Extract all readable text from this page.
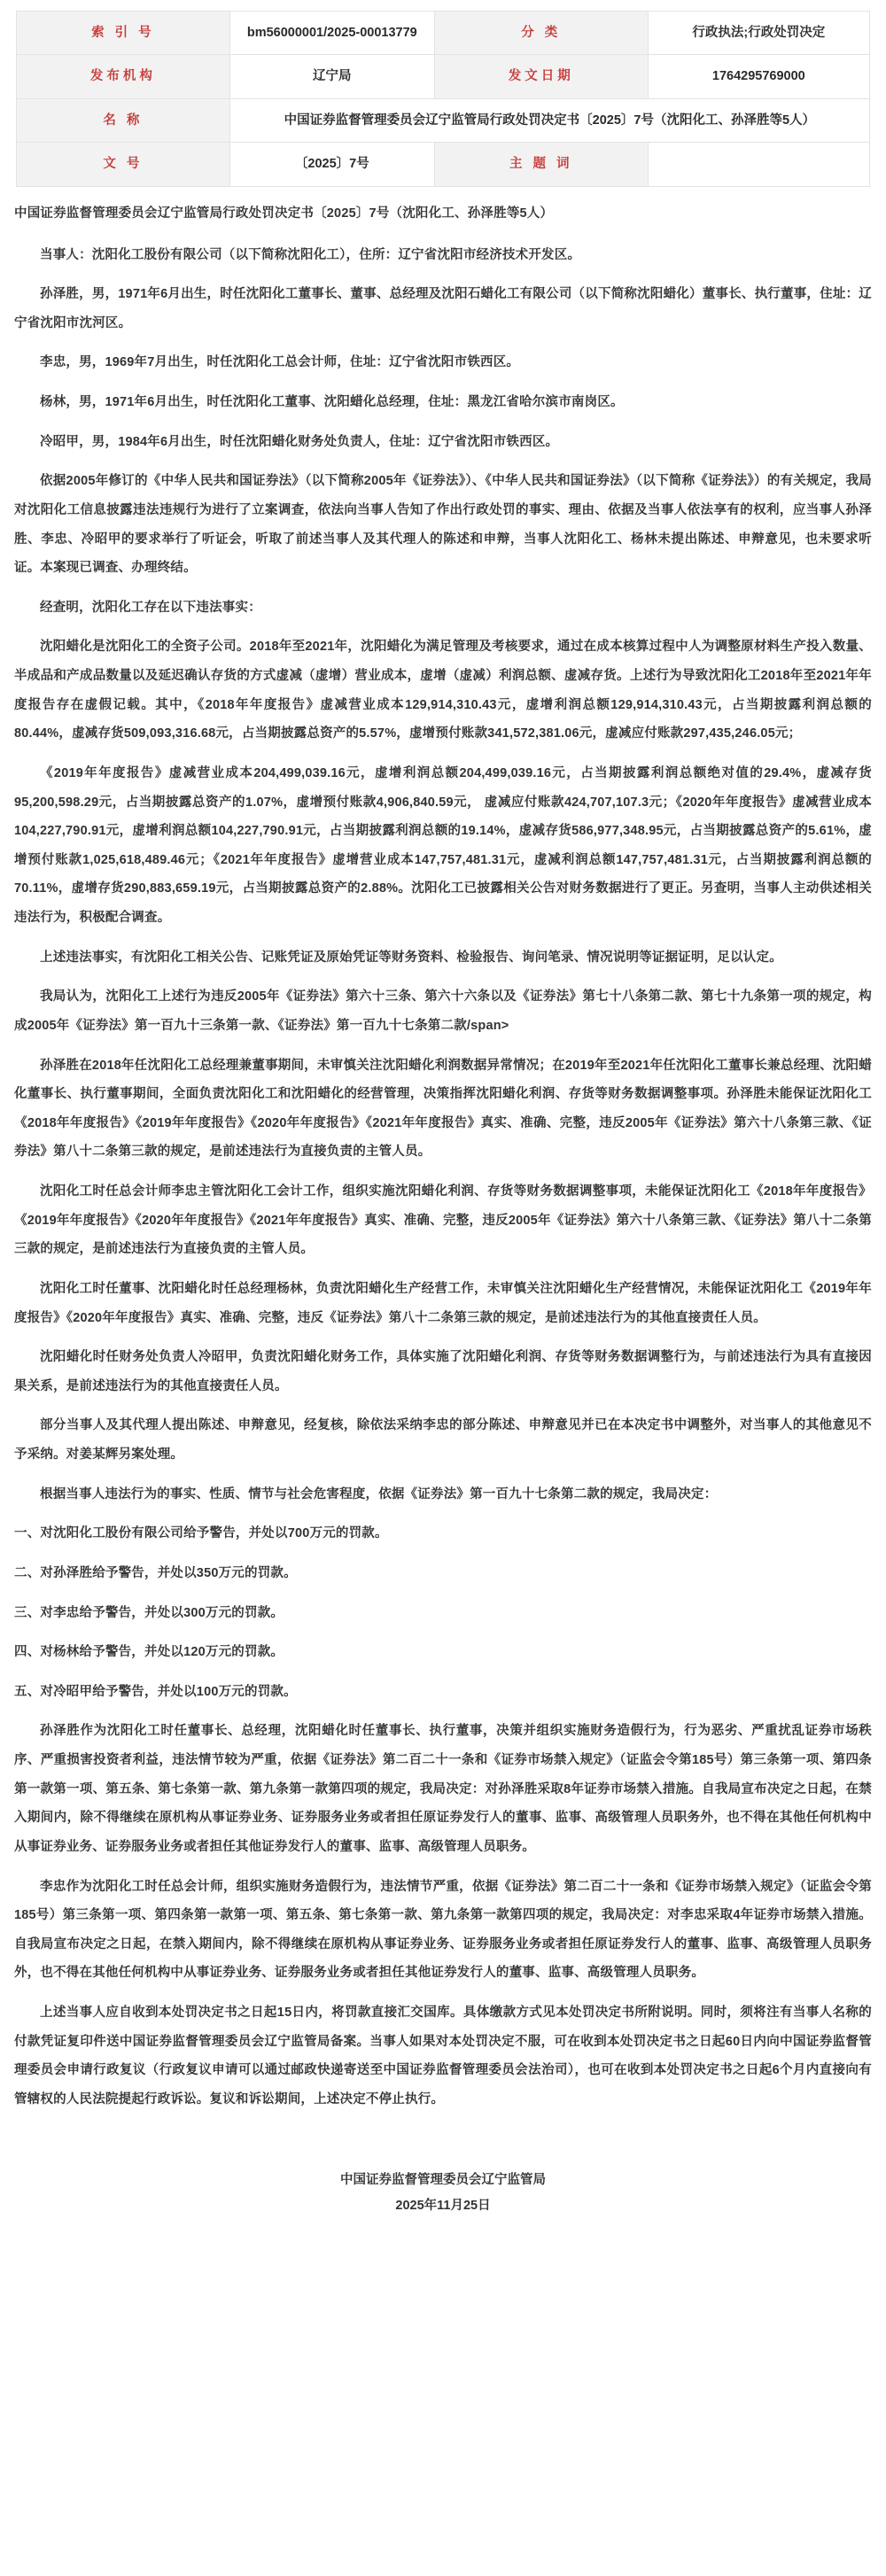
索 引 号	bm56000001/2025-00013779	分 类	行政执法;行政处罚决定
发布机构	辽宁局	发文日期	1764295769000
名 称	中国证券监督管理委员会辽宁监管局行政处罚决定书〔2025〕7号（沈阳化工、孙泽胜等5人）		
文 号	〔2025〕7号	主 题 词	

中国证券监督管理委员会辽宁监管局行政处罚决定书〔2025〕7号（沈阳化工、孙泽胜等5人）

当事人：沈阳化工股份有限公司（以下简称沈阳化工），住所：辽宁省沈阳市经济技术开发区。

孙泽胜，男，1971年6月出生，时任沈阳化工董事长、董事、总经理及沈阳石蜡化工有限公司（以下简称沈阳蜡化）董事长、执行董事，住址：辽宁省沈阳市沈河区。

李忠，男，1969年7月出生，时任沈阳化工总会计师，住址：辽宁省沈阳市铁西区。

杨林，男，1971年6月出生，时任沈阳化工董事、沈阳蜡化总经理，住址：黑龙江省哈尔滨市南岗区。

冷昭甲，男，1984年6月出生，时任沈阳蜡化财务处负责人，住址：辽宁省沈阳市铁西区。

依据2005年修订的《中华人民共和国证券法》（以下简称2005年《证券法》）、《中华人民共和国证券法》（以下简称《证券法》）的有关规定，我局对沈阳化工信息披露违法违规行为进行了立案调查，依法向当事人告知了作出行政处罚的事实、理由、依据及当事人依法享有的权利，应当事人孙泽胜、李忠、冷昭甲的要求举行了听证会，听取了前述当事人及其代理人的陈述和申辩，当事人沈阳化工、杨林未提出陈述、申辩意见，也未要求听证。本案现已调查、办理终结。

经查明，沈阳化工存在以下违法事实：

沈阳蜡化是沈阳化工的全资子公司。2018年至2021年，沈阳蜡化为满足管理及考核要求，通过在成本核算过程中人为调整原材料生产投入数量、半成品和产成品数量以及延迟确认存货的方式虚减（虚增）营业成本，虚增（虚减）利润总额、虚减存货。上述行为导致沈阳化工2018年至2021年年度报告存在虚假记载。其中，《2018年年度报告》虚减营业成本129,914,310.43元，虚增利润总额129,914,310.43元，占当期披露利润总额的80.44%，虚减存货509,093,316.68元，占当期披露总资产的5.57%，虚增预付账款341,572,381.06元，虚减应付账款297,435,246.05元；

《2019年年度报告》虚减营业成本204,499,039.16元，虚增利润总额204,499,039.16元，占当期披露利润总额绝对值的29.4%，虚减存货95,200,598.29元，占当期披露总资产的1.07%，虚增预付账款4,906,840.59元， 虚减应付账款424,707,107.3元；《2020年年度报告》虚减营业成本104,227,790.91元，虚增利润总额104,227,790.91元，占当期披露利润总额的19.14%，虚减存货586,977,348.95元，占当期披露总资产的5.61%，虚增预付账款1,025,618,489.46元；《2021年年度报告》虚增营业成本147,757,481.31元，虚减利润总额147,757,481.31元，占当期披露利润总额的70.11%，虚增存货290,883,659.19元，占当期披露总资产的2.88%。沈阳化工已披露相关公告对财务数据进行了更正。另查明，当事人主动供述相关违法行为，积极配合调查。

上述违法事实，有沈阳化工相关公告、记账凭证及原始凭证等财务资料、检验报告、询问笔录、情况说明等证据证明，足以认定。

我局认为，沈阳化工上述行为违反2005年《证券法》第六十三条、第六十六条以及《证券法》第七十八条第二款、第七十九条第一项的规定，构成2005年《证券法》第一百九十三条第一款、《证券法》第一百九十七条第二款/span>

孙泽胜在2018年任沈阳化工总经理兼董事期间，未审慎关注沈阳蜡化利润数据异常情况；在2019年至2021年任沈阳化工董事长兼总经理、沈阳蜡化董事长、执行董事期间，全面负责沈阳化工和沈阳蜡化的经营管理，决策指挥沈阳蜡化利润、存货等财务数据调整事项。孙泽胜未能保证沈阳化工《2018年年度报告》《2019年年度报告》《2020年年度报告》《2021年年度报告》真实、准确、完整，违反2005年《证券法》第六十八条第三款、《证券法》第八十二条第三款的规定，是前述违法行为直接负责的主管人员。

沈阳化工时任总会计师李忠主管沈阳化工会计工作，组织实施沈阳蜡化利润、存货等财务数据调整事项，未能保证沈阳化工《2018年年度报告》《2019年年度报告》《2020年年度报告》《2021年年度报告》真实、准确、完整，违反2005年《证券法》第六十八条第三款、《证券法》第八十二条第三款的规定，是前述违法行为直接负责的主管人员。

沈阳化工时任董事、沈阳蜡化时任总经理杨林，负责沈阳蜡化生产经营工作，未审慎关注沈阳蜡化生产经营情况，未能保证沈阳化工《2019年年度报告》《2020年年度报告》真实、准确、完整，违反《证券法》第八十二条第三款的规定，是前述违法行为的其他直接责任人员。

沈阳蜡化时任财务处负责人冷昭甲，负责沈阳蜡化财务工作，具体实施了沈阳蜡化利润、存货等财务数据调整行为，与前述违法行为具有直接因果关系，是前述违法行为的其他直接责任人员。

部分当事人及其代理人提出陈述、申辩意见，经复核，除依法采纳李忠的部分陈述、申辩意见并已在本决定书中调整外，对当事人的其他意见不予采纳。对姜某辉另案处理。

根据当事人违法行为的事实、性质、情节与社会危害程度，依据《证券法》第一百九十七条第二款的规定，我局决定：

一、对沈阳化工股份有限公司给予警告，并处以700万元的罚款。

二、对孙泽胜给予警告，并处以350万元的罚款。

三、对李忠给予警告，并处以300万元的罚款。

四、对杨林给予警告，并处以120万元的罚款。

五、对冷昭甲给予警告，并处以100万元的罚款。

孙泽胜作为沈阳化工时任董事长、总经理，沈阳蜡化时任董事长、执行董事，决策并组织实施财务造假行为，行为恶劣、严重扰乱证券市场秩序、严重损害投资者利益，违法情节较为严重，依据《证券法》第二百二十一条和《证券市场禁入规定》（证监会令第185号）第三条第一项、第四条第一款第一项、第五条、第七条第一款、第九条第一款第四项的规定，我局决定：对孙泽胜采取8年证券市场禁入措施。自我局宣布决定之日起，在禁入期间内，除不得继续在原机构从事证券业务、证券服务业务或者担任原证券发行人的董事、监事、高级管理人员职务外，也不得在其他任何机构中从事证券业务、证券服务业务或者担任其他证券发行人的董事、监事、高级管理人员职务。

李忠作为沈阳化工时任总会计师，组织实施财务造假行为，违法情节严重，依据《证券法》第二百二十一条和《证券市场禁入规定》（证监会令第185号）第三条第一项、第四条第一款第一项、第五条、第七条第一款、第九条第一款第四项的规定，我局决定：对李忠采取4年证券市场禁入措施。自我局宣布决定之日起，在禁入期间内，除不得继续在原机构从事证券业务、证券服务业务或者担任原证券发行人的董事、监事、高级管理人员职务外，也不得在其他任何机构中从事证券业务、证券服务业务或者担任其他证券发行人的董事、监事、高级管理人员职务。

上述当事人应自收到本处罚决定书之日起15日内，将罚款直接汇交国库。具体缴款方式见本处罚决定书所附说明。同时，须将注有当事人名称的付款凭证复印件送中国证券监督管理委员会辽宁监管局备案。当事人如果对本处罚决定不服，可在收到本处罚决定书之日起60日内向中国证券监督管理委员会申请行政复议（行政复议申请可以通过邮政快递寄送至中国证券监督管理委员会法治司），也可在收到本处罚决定书之日起6个月内直接向有管辖权的人民法院提起行政诉讼。复议和诉讼期间，上述决定不停止执行。

中国证券监督管理委员会辽宁监管局
2025年11月25日
